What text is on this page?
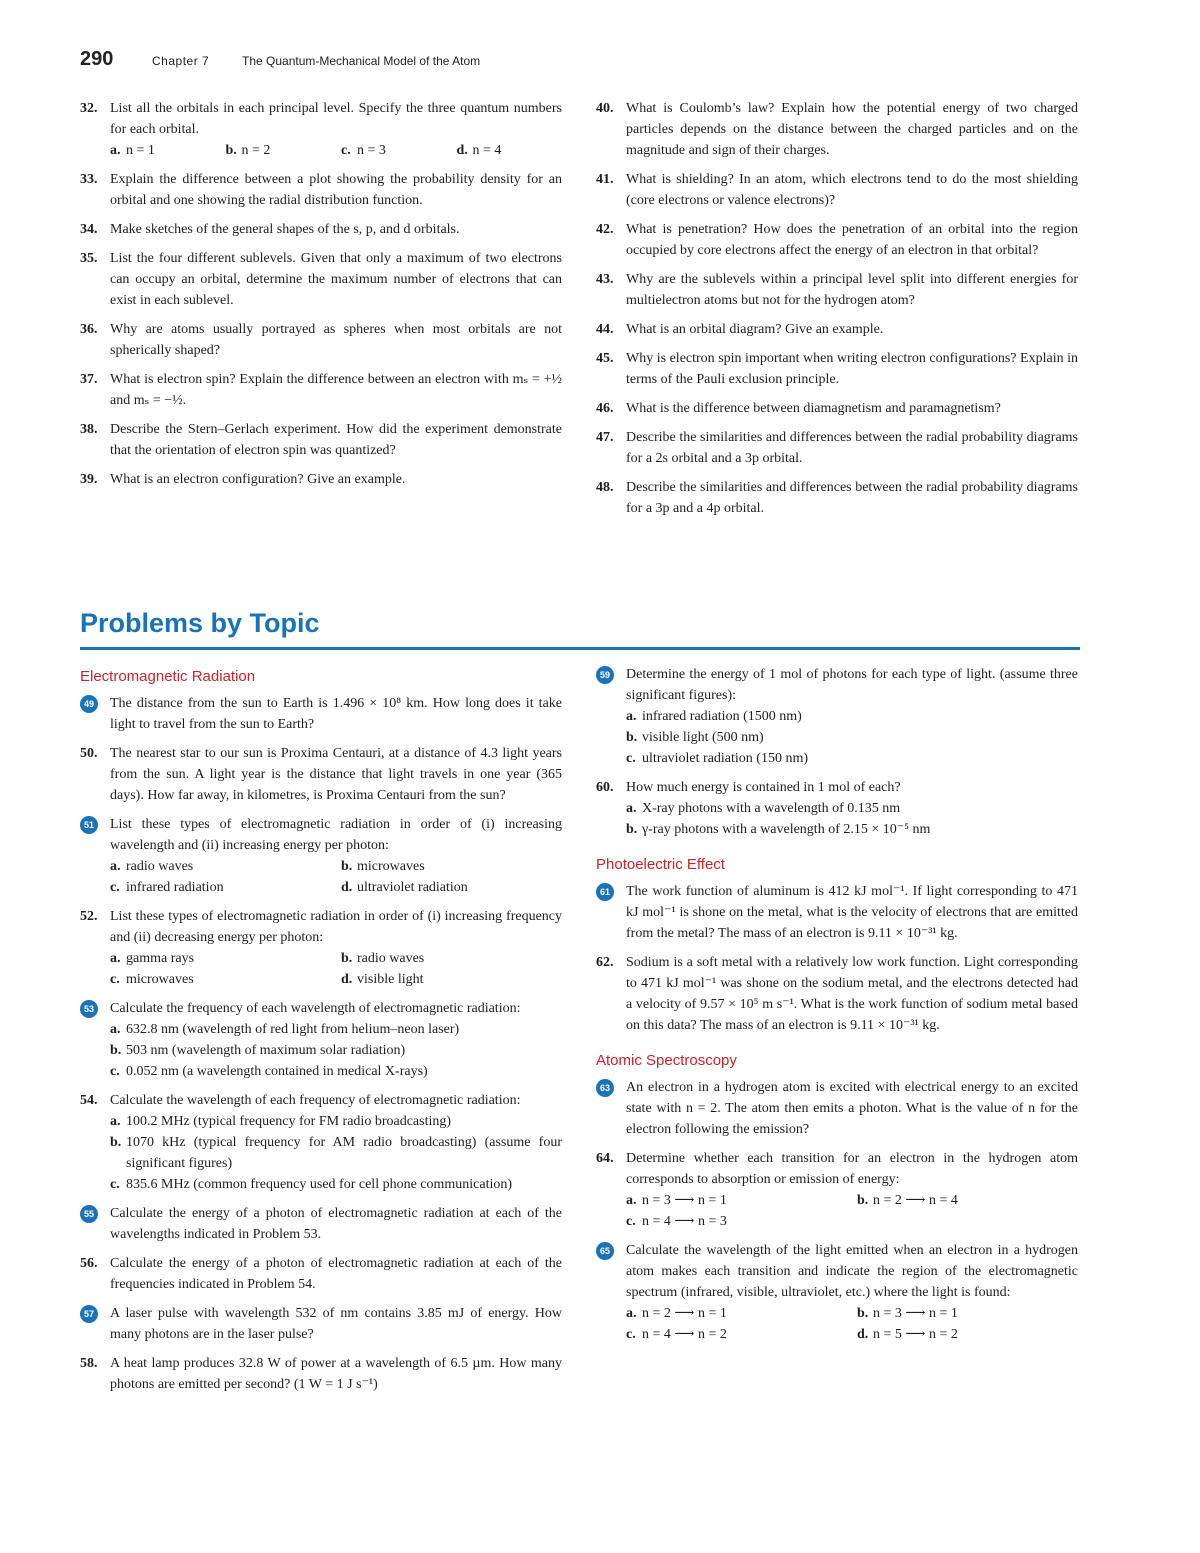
290	Chapter 7	The Quantum-Mechanical Model of the Atom
32. List all the orbitals in each principal level. Specify the three quantum numbers for each orbital.
a. n = 1	b. n = 2	c. n = 3	d. n = 4
33. Explain the difference between a plot showing the probability density for an orbital and one showing the radial distribution function.
34. Make sketches of the general shapes of the s, p, and d orbitals.
35. List the four different sublevels. Given that only a maximum of two electrons can occupy an orbital, determine the maximum number of electrons that can exist in each sublevel.
36. Why are atoms usually portrayed as spheres when most orbitals are not spherically shaped?
37. What is electron spin? Explain the difference between an electron with mₛ = +½ and mₛ = −½.
38. Describe the Stern–Gerlach experiment. How did the experiment demonstrate that the orientation of electron spin was quantized?
39. What is an electron configuration? Give an example.
40. What is Coulomb’s law? Explain how the potential energy of two charged particles depends on the distance between the charged particles and on the magnitude and sign of their charges.
41. What is shielding? In an atom, which electrons tend to do the most shielding (core electrons or valence electrons)?
42. What is penetration? How does the penetration of an orbital into the region occupied by core electrons affect the energy of an electron in that orbital?
43. Why are the sublevels within a principal level split into different energies for multielectron atoms but not for the hydrogen atom?
44. What is an orbital diagram? Give an example.
45. Why is electron spin important when writing electron configurations? Explain in terms of the Pauli exclusion principle.
46. What is the difference between diamagnetism and paramagnetism?
47. Describe the similarities and differences between the radial probability diagrams for a 2s orbital and a 3p orbital.
48. Describe the similarities and differences between the radial probability diagrams for a 3p and a 4p orbital.
Problems by Topic
Electromagnetic Radiation
49 The distance from the sun to Earth is 1.496 × 10⁸ km. How long does it take light to travel from the sun to Earth?
50. The nearest star to our sun is Proxima Centauri, at a distance of 4.3 light years from the sun. A light year is the distance that light travels in one year (365 days). How far away, in kilometres, is Proxima Centauri from the sun?
51 List these types of electromagnetic radiation in order of (i) increasing wavelength and (ii) increasing energy per photon:
a. radio waves	b. microwaves
c. infrared radiation	d. ultraviolet radiation
52. List these types of electromagnetic radiation in order of (i) increasing frequency and (ii) decreasing energy per photon:
a. gamma rays	b. radio waves
c. microwaves	d. visible light
53 Calculate the frequency of each wavelength of electromagnetic radiation:
a. 632.8 nm (wavelength of red light from helium–neon laser)
b. 503 nm (wavelength of maximum solar radiation)
c. 0.052 nm (a wavelength contained in medical X-rays)
54. Calculate the wavelength of each frequency of electromagnetic radiation:
a. 100.2 MHz (typical frequency for FM radio broadcasting)
b. 1070 kHz (typical frequency for AM radio broadcasting) (assume four significant figures)
c. 835.6 MHz (common frequency used for cell phone communication)
55 Calculate the energy of a photon of electromagnetic radiation at each of the wavelengths indicated in Problem 53.
56. Calculate the energy of a photon of electromagnetic radiation at each of the frequencies indicated in Problem 54.
57 A laser pulse with wavelength 532 of nm contains 3.85 mJ of energy. How many photons are in the laser pulse?
58. A heat lamp produces 32.8 W of power at a wavelength of 6.5 µm. How many photons are emitted per second? (1 W = 1 J s⁻¹)
59 Determine the energy of 1 mol of photons for each type of light. (assume three significant figures):
a. infrared radiation (1500 nm)
b. visible light (500 nm)
c. ultraviolet radiation (150 nm)
60. How much energy is contained in 1 mol of each?
a. X-ray photons with a wavelength of 0.135 nm
b. γ-ray photons with a wavelength of 2.15 × 10⁻⁵ nm
Photoelectric Effect
61 The work function of aluminum is 412 kJ mol⁻¹. If light corresponding to 471 kJ mol⁻¹ is shone on the metal, what is the velocity of electrons that are emitted from the metal? The mass of an electron is 9.11 × 10⁻³¹ kg.
62. Sodium is a soft metal with a relatively low work function. Light corresponding to 471 kJ mol⁻¹ was shone on the sodium metal, and the electrons detected had a velocity of 9.57 × 10⁵ m s⁻¹. What is the work function of sodium metal based on this data? The mass of an electron is 9.11 × 10⁻³¹ kg.
Atomic Spectroscopy
63 An electron in a hydrogen atom is excited with electrical energy to an excited state with n = 2. The atom then emits a photon. What is the value of n for the electron following the emission?
64. Determine whether each transition for an electron in the hydrogen atom corresponds to absorption or emission of energy:
a. n = 3 ⟶ n = 1	b. n = 2 ⟶ n = 4
c. n = 4 ⟶ n = 3
65 Calculate the wavelength of the light emitted when an electron in a hydrogen atom makes each transition and indicate the region of the electromagnetic spectrum (infrared, visible, ultraviolet, etc.) where the light is found:
a. n = 2 ⟶ n = 1	b. n = 3 ⟶ n = 1
c. n = 4 ⟶ n = 2	d. n = 5 ⟶ n = 2
